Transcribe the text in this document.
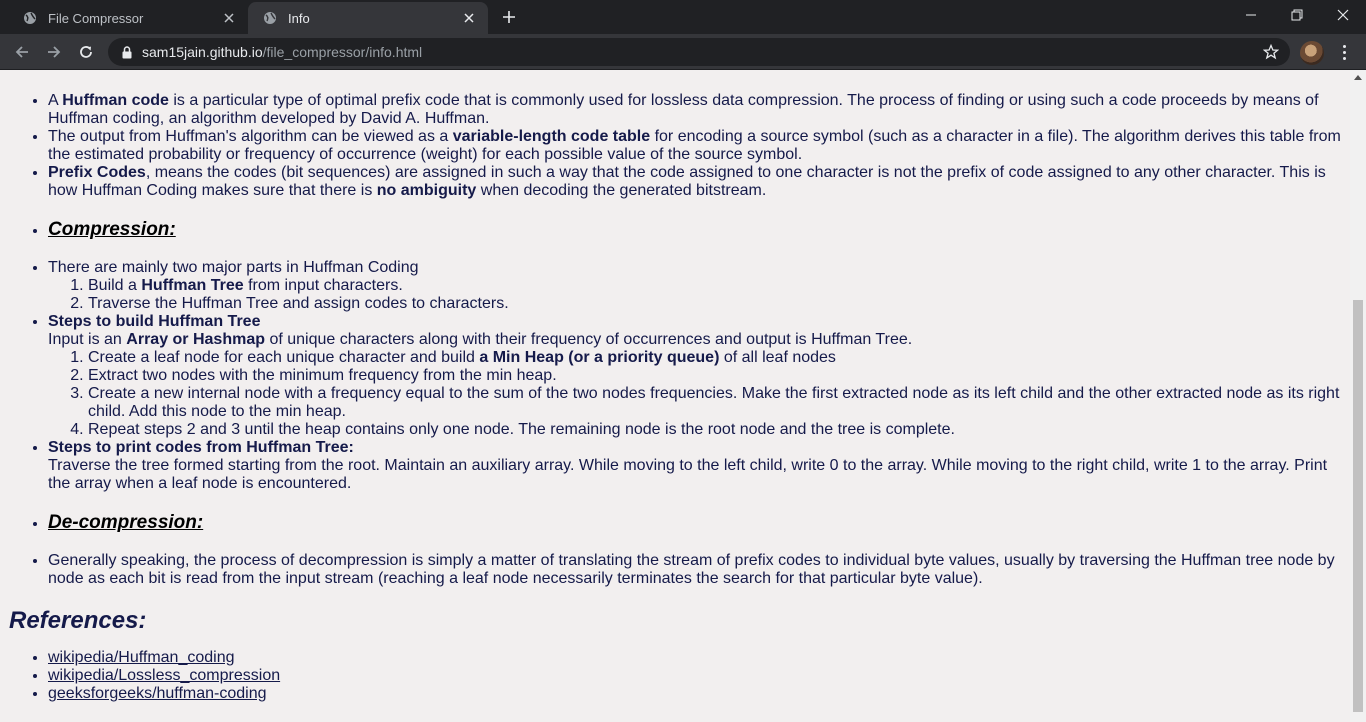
File Compressor	Info
sam15jain.github.io/file_compressor/info.html
• A Huffman code is a particular type of optimal prefix code that is commonly used for lossless data compression. The process of finding or using such a code proceeds by means of Huffman coding, an algorithm developed by David A. Huffman.
• The output from Huffman's algorithm can be viewed as a variable-length code table for encoding a source symbol (such as a character in a file). The algorithm derives this table from the estimated probability or frequency of occurrence (weight) for each possible value of the source symbol.
• Prefix Codes, means the codes (bit sequences) are assigned in such a way that the code assigned to one character is not the prefix of code assigned to any other character. This is how Huffman Coding makes sure that there is no ambiguity when decoding the generated bitstream.
• Compression:
• There are mainly two major parts in Huffman Coding
1. Build a Huffman Tree from input characters.
2. Traverse the Huffman Tree and assign codes to characters.
• Steps to build Huffman Tree
Input is an Array or Hashmap of unique characters along with their frequency of occurrences and output is Huffman Tree.
1. Create a leaf node for each unique character and build a Min Heap (or a priority queue) of all leaf nodes
2. Extract two nodes with the minimum frequency from the min heap.
3. Create a new internal node with a frequency equal to the sum of the two nodes frequencies. Make the first extracted node as its left child and the other extracted node as its right child. Add this node to the min heap.
4. Repeat steps 2 and 3 until the heap contains only one node. The remaining node is the root node and the tree is complete.
• Steps to print codes from Huffman Tree:
Traverse the tree formed starting from the root. Maintain an auxiliary array. While moving to the left child, write 0 to the array. While moving to the right child, write 1 to the array. Print the array when a leaf node is encountered.
• De-compression:
• Generally speaking, the process of decompression is simply a matter of translating the stream of prefix codes to individual byte values, usually by traversing the Huffman tree node by node as each bit is read from the input stream (reaching a leaf node necessarily terminates the search for that particular byte value).
References:
• wikipedia/Huffman_coding
• wikipedia/Lossless_compression
• geeksforgeeks/huffman-coding
